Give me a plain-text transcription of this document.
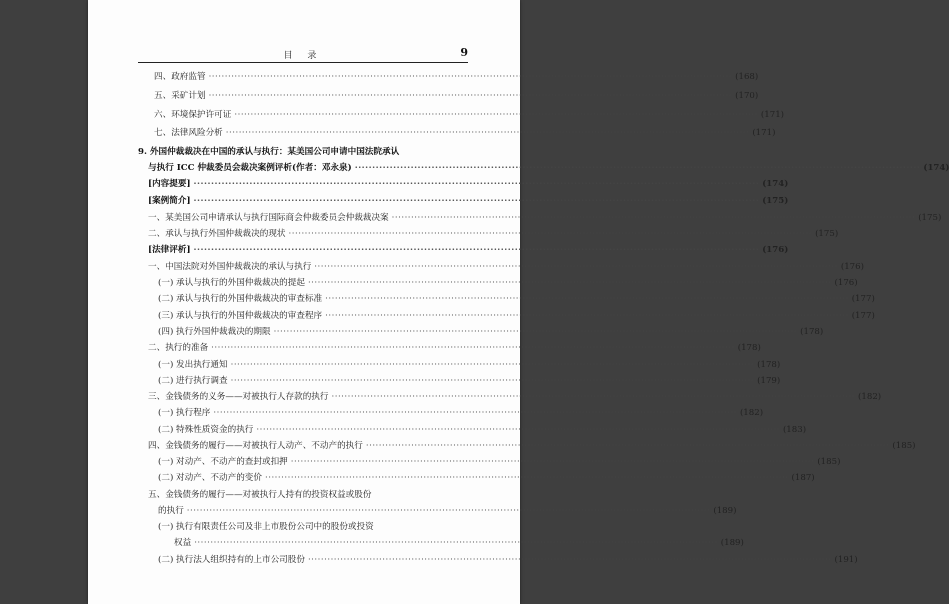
目 录	9
四、政府监管 ·····	(168)
五、采矿计划 ·····	(170)
六、环境保护许可证 ·····	(171)
七、法律风险分析 ·····	(171)
9. 外国仲裁裁决在中国的承认与执行：某美国公司申请中国法院承认
与执行 ICC 仲裁委员会裁决案例评析(作者：邓永泉) ·····	(174)
[内容提要] ·····	(174)
[案例简介] ·····	(175)
一、某美国公司申请承认与执行国际商会仲裁委员会仲裁裁决案 ·····	(175)
二、承认与执行外国仲裁裁决的现状 ·····	(175)
[法律评析] ·····	(176)
一、中国法院对外国仲裁裁决的承认与执行 ·····	(176)
(一) 承认与执行的外国仲裁裁决的提起 ·····	(176)
(二) 承认与执行的外国仲裁裁决的审查标准 ·····	(177)
(三) 承认与执行的外国仲裁裁决的审查程序 ·····	(177)
(四) 执行外国仲裁裁决的期限 ·····	(178)
二、执行的准备 ·····	(178)
(一) 发出执行通知 ·····	(178)
(二) 进行执行调查 ·····	(179)
三、金钱债务的义务——对被执行人存款的执行 ·····	(182)
(一) 执行程序 ·····	(182)
(二) 特殊性质资金的执行 ·····	(183)
四、金钱债务的履行——对被执行人动产、不动产的执行 ·····	(185)
(一) 对动产、不动产的查封或扣押 ·····	(185)
(二) 对动产、不动产的变价 ·····	(187)
五、金钱债务的履行——对被执行人持有的投资权益或股份
的执行 ·····	(189)
(一) 执行有限责任公司及非上市股份公司中的股份或投资
权益 ·····	(189)
(二) 执行法人组织持有的上市公司股份 ·····	(191)
